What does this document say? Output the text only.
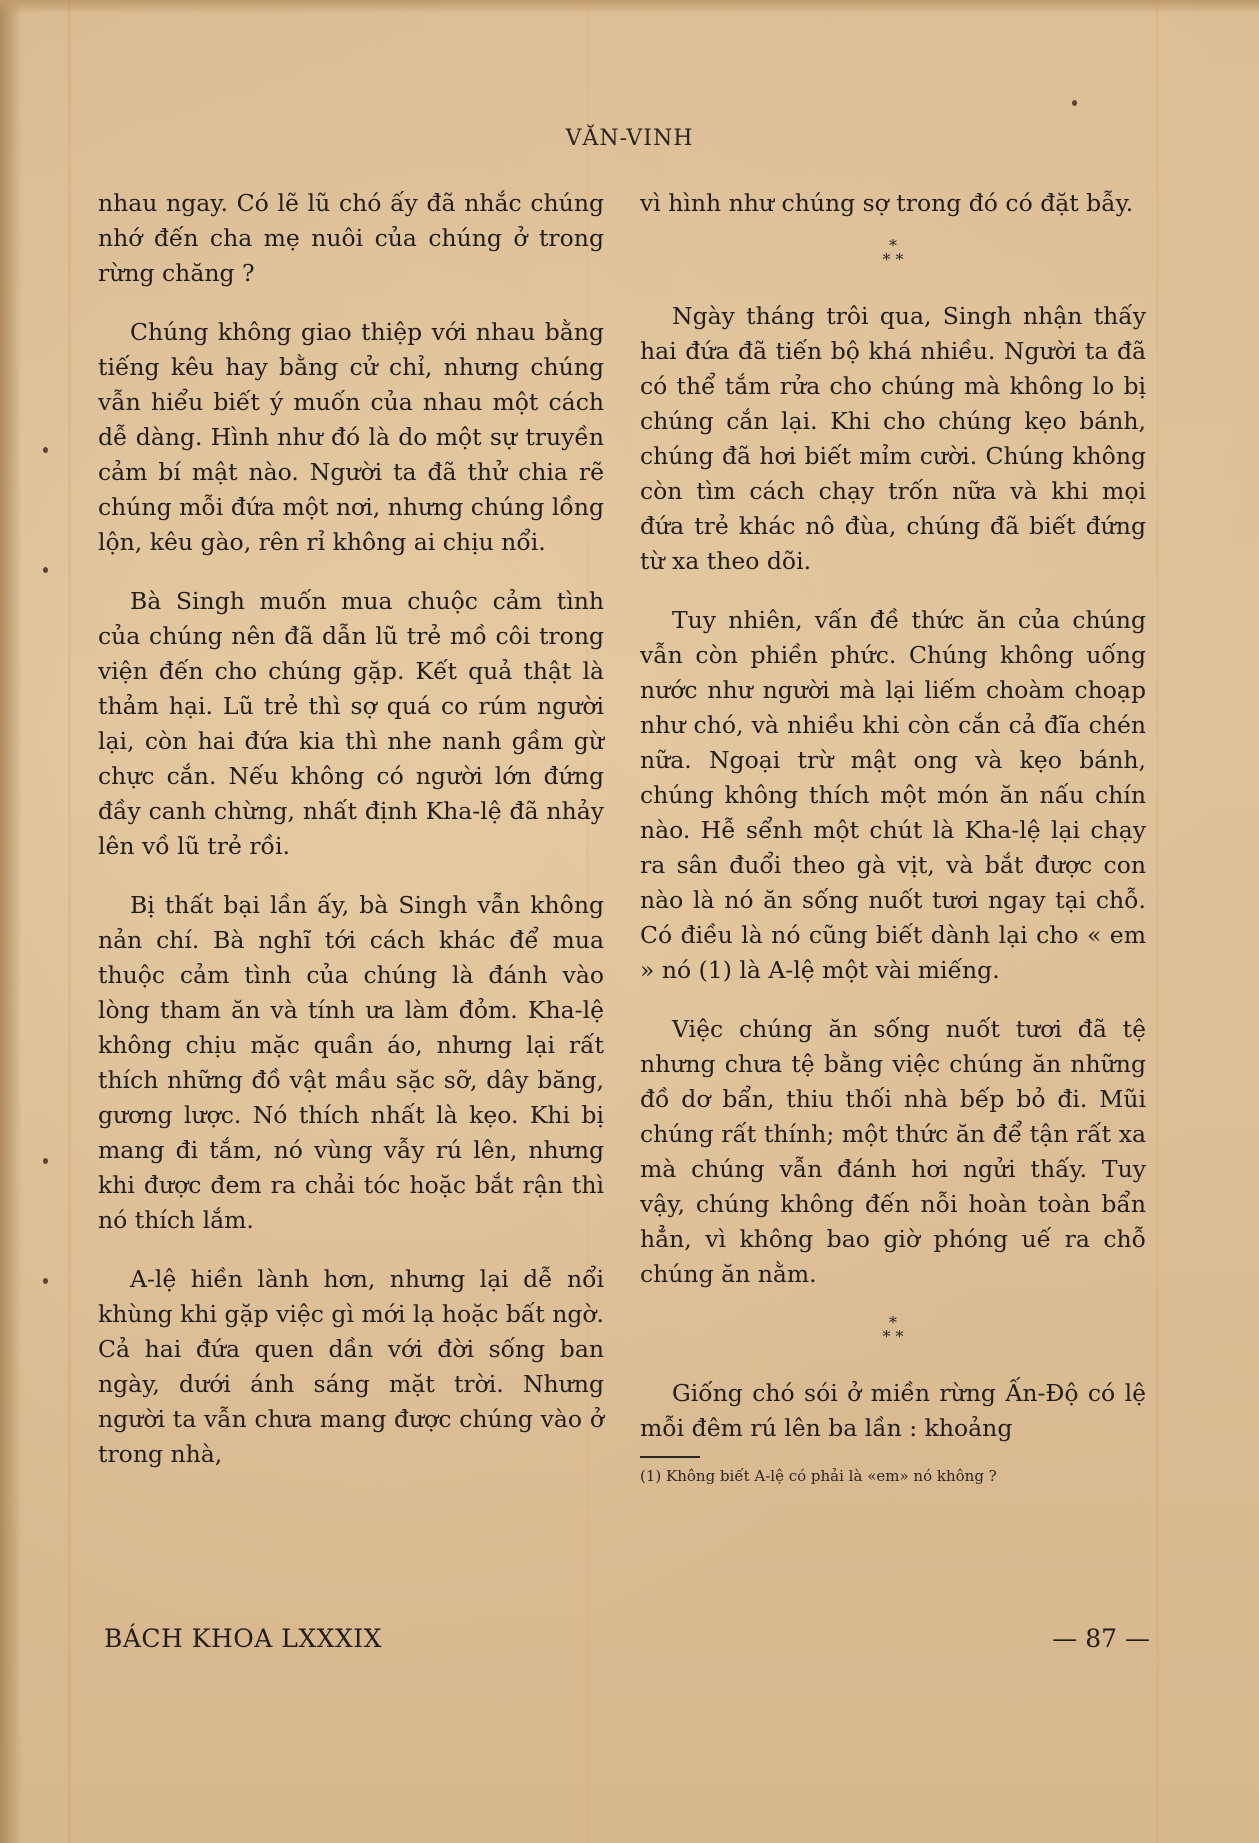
VĂN-VINH

nhau ngay. Có lẽ lũ chó ấy đã nhắc chúng nhớ đến cha mẹ nuôi của chúng ở trong rừng chăng ?

Chúng không giao thiệp với nhau bằng tiếng kêu hay bằng cử chỉ, nhưng chúng vẫn hiểu biết ý muốn của nhau một cách dễ dàng. Hình như đó là do một sự truyền cảm bí mật nào. Người ta đã thử chia rẽ chúng mỗi đứa một nơi, nhưng chúng lồng lộn, kêu gào, rên rỉ không ai chịu nổi.

Bà Singh muốn mua chuộc cảm tình của chúng nên đã dẫn lũ trẻ mồ côi trong viện đến cho chúng gặp. Kết quả thật là thảm hại. Lũ trẻ thì sợ quá co rúm người lại, còn hai đứa kia thì nhe nanh gầm gừ chực cắn. Nếu không có người lớn đứng đầy canh chừng, nhất định Kha-lệ đã nhảy lên vồ lũ trẻ rồi.

Bị thất bại lần ấy, bà Singh vẫn không nản chí. Bà nghĩ tới cách khác để mua thuộc cảm tình của chúng là đánh vào lòng tham ăn và tính ưa làm đỏm. Kha-lệ không chịu mặc quần áo, nhưng lại rất thích những đồ vật mầu sặc sỡ, dây băng, gương lược. Nó thích nhất là kẹo. Khi bị mang đi tắm, nó vùng vẫy rú lên, nhưng khi được đem ra chải tóc hoặc bắt rận thì nó thích lắm.

A-lệ hiền lành hơn, nhưng lại dễ nổi khùng khi gặp việc gì mới lạ hoặc bất ngờ. Cả hai đứa quen dần với đời sống ban ngày, dưới ánh sáng mặt trời. Nhưng người ta vẫn chưa mang được chúng vào ở trong nhà,

vì hình như chúng sợ trong đó có đặt bẫy.

*
* *

Ngày tháng trôi qua, Singh nhận thấy hai đứa đã tiến bộ khá nhiều. Người ta đã có thể tắm rửa cho chúng mà không lo bị chúng cắn lại. Khi cho chúng kẹo bánh, chúng đã hơi biết mỉm cười. Chúng không còn tìm cách chạy trốn nữa và khi mọi đứa trẻ khác nô đùa, chúng đã biết đứng từ xa theo dõi.

Tuy nhiên, vấn đề thức ăn của chúng vẫn còn phiền phức. Chúng không uống nước như người mà lại liếm choàm choạp như chó, và nhiều khi còn cắn cả đĩa chén nữa. Ngoại trừ mật ong và kẹo bánh, chúng không thích một món ăn nấu chín nào. Hễ sểnh một chút là Kha-lệ lại chạy ra sân đuổi theo gà vịt, và bắt được con nào là nó ăn sống nuốt tươi ngay tại chỗ. Có điều là nó cũng biết dành lại cho « em » nó (1) là A-lệ một vài miếng.

Việc chúng ăn sống nuốt tươi đã tệ nhưng chưa tệ bằng việc chúng ăn những đồ dơ bẩn, thiu thối nhà bếp bỏ đi. Mũi chúng rất thính; một thức ăn để tận rất xa mà chúng vẫn đánh hơi ngửi thấy. Tuy vậy, chúng không đến nỗi hoàn toàn bẩn hẳn, vì không bao giờ phóng uế ra chỗ chúng ăn nằm.

*
* *

Giống chó sói ở miền rừng Ấn-Độ có lệ mỗi đêm rú lên ba lần : khoảng

(1) Không biết A-lệ có phải là «em» nó không ?
BÁCH KHOA LXXXIX	— 87 —
